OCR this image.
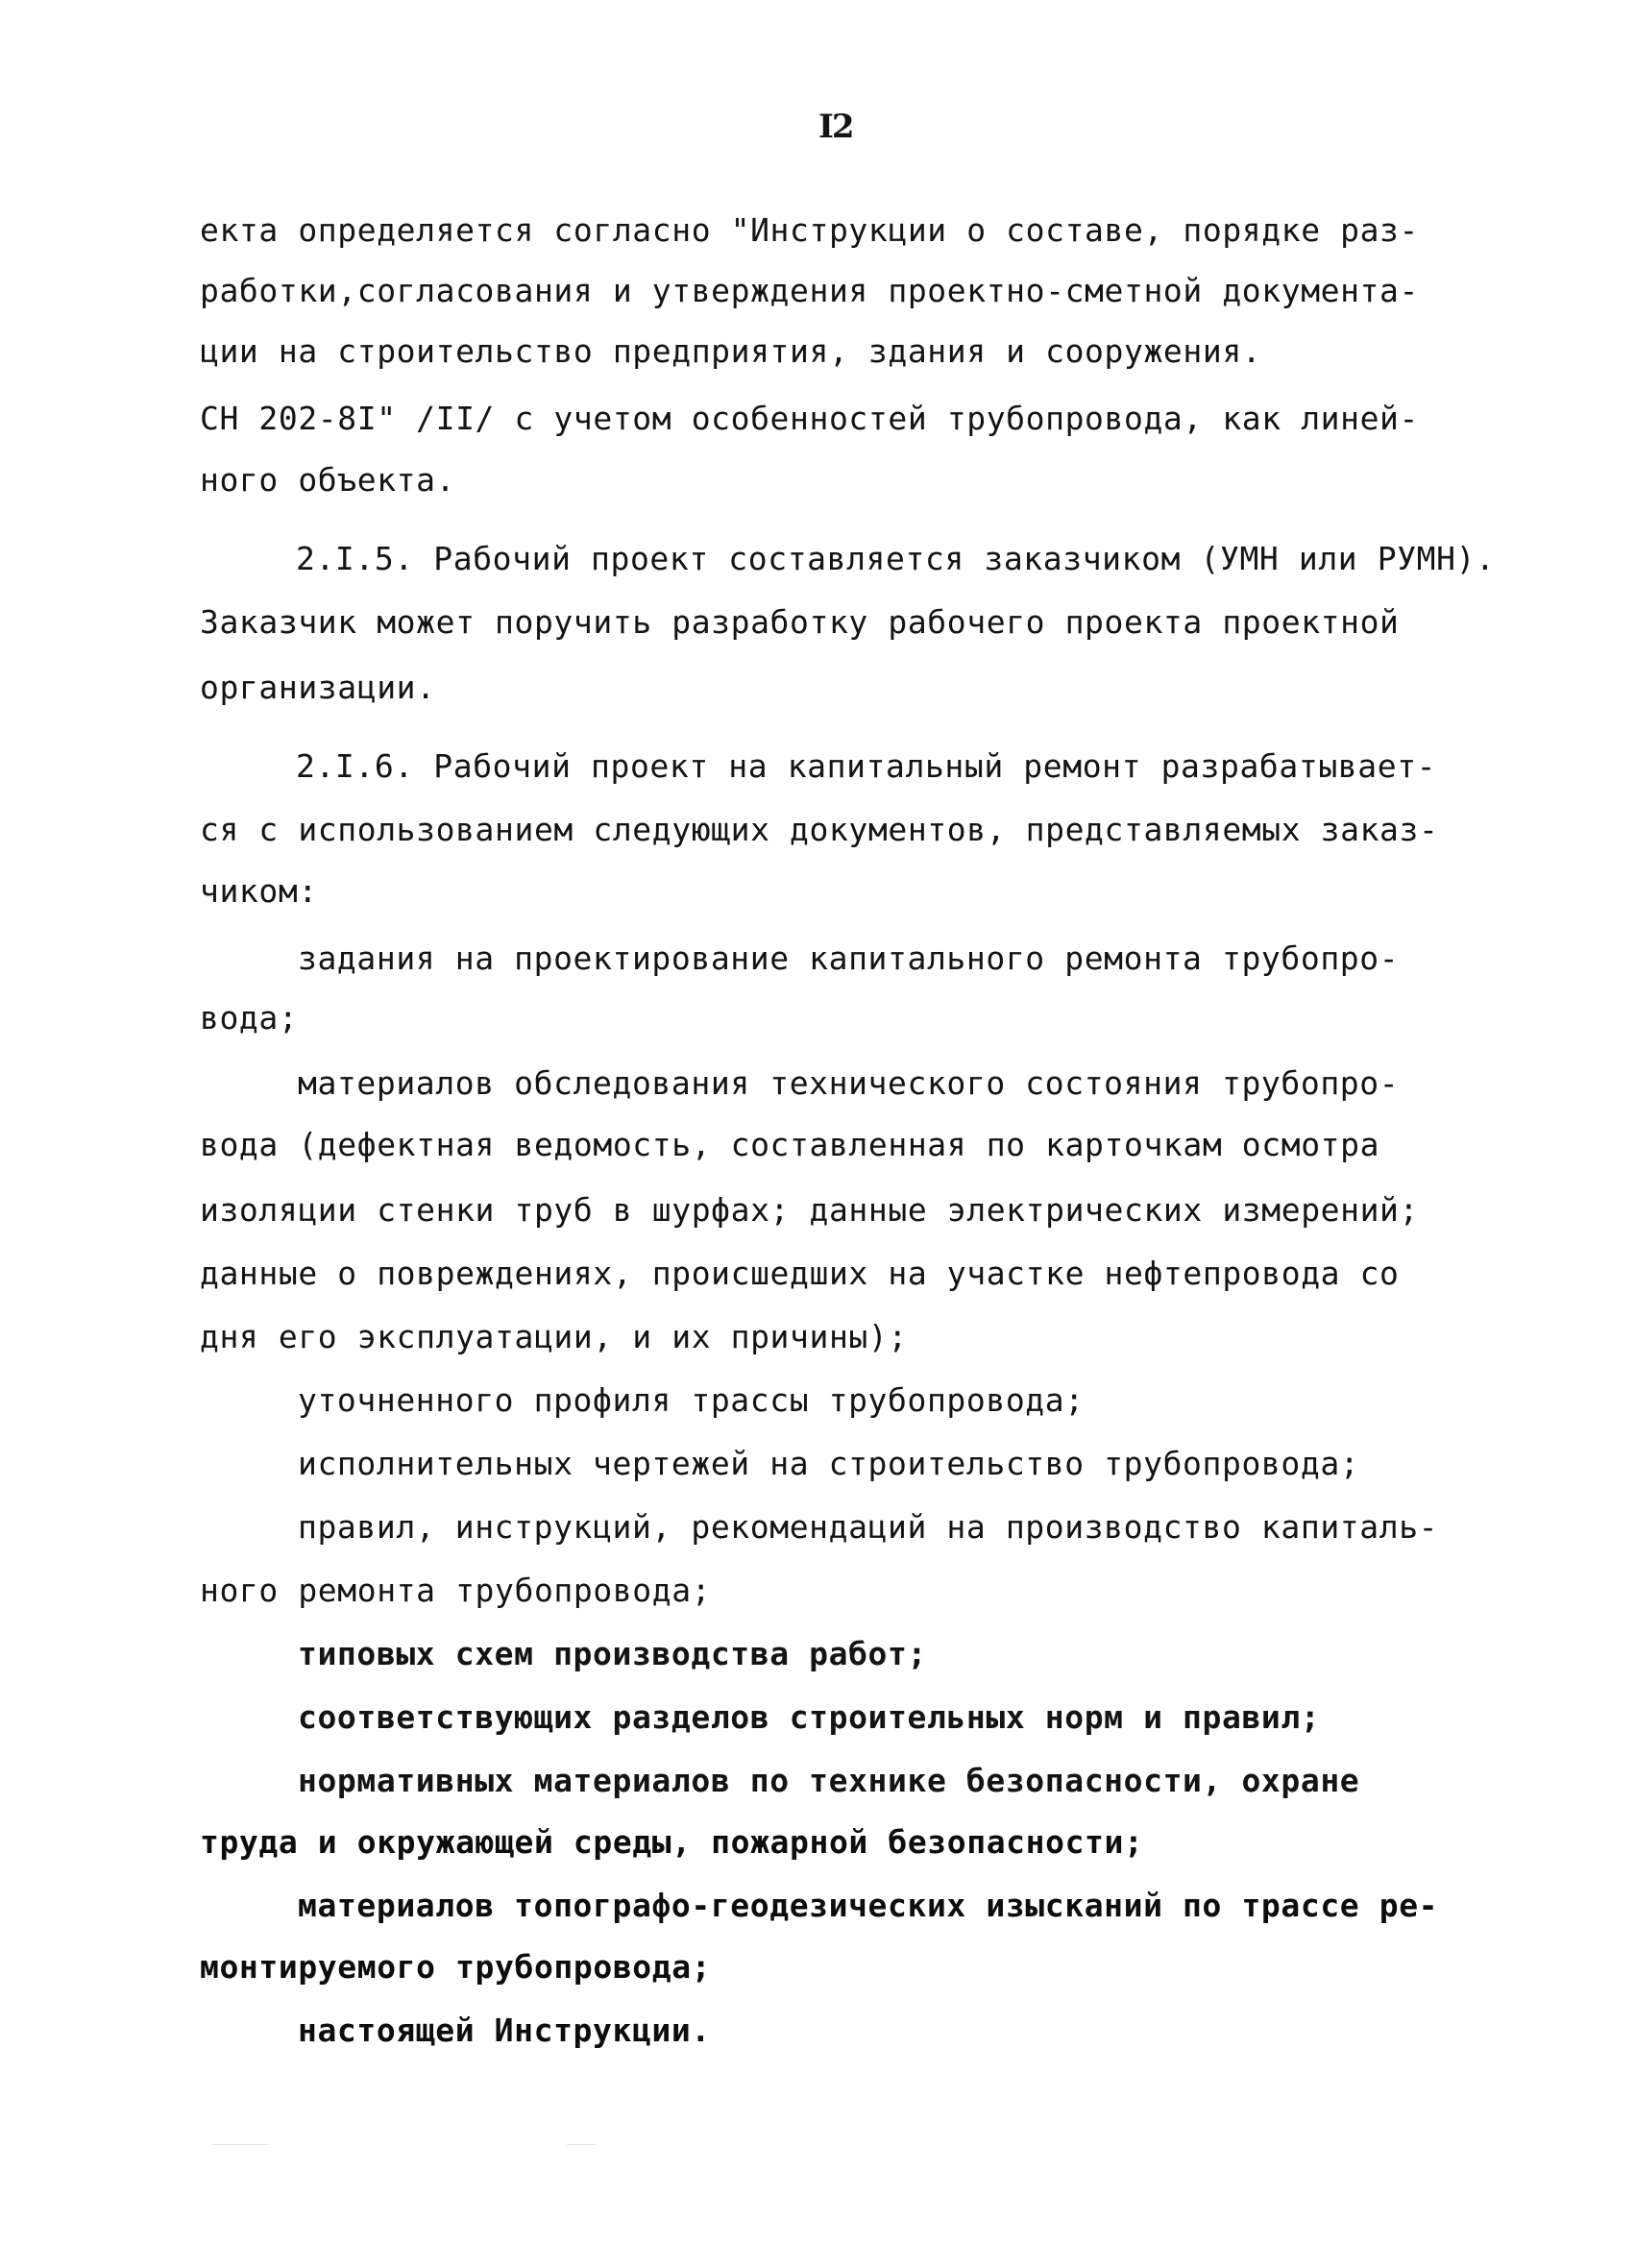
I2
екта определяется согласно "Инструкции о составе, порядке раз-
работки,согласования и утверждения проектно-сметной документа-
ции на строительство предприятия, здания и сооружения.
СН 202-8I" /II/ с учетом особенностей трубопровода, как линей-
ного объекта.
2.I.5. Рабочий проект составляется заказчиком (УМН или РУМН).
Заказчик может поручить разработку рабочего проекта проектной
организации.
2.I.6. Рабочий проект на капитальный ремонт разрабатывает-
ся с использованием следующих документов, представляемых заказ-
чиком:
задания на проектирование капитального ремонта трубопро-
вода;
материалов обследования технического состояния трубопро-
вода (дефектная ведомость, составленная по карточкам осмотра
изоляции стенки труб в шурфах; данные электрических измерений;
данные о повреждениях, происшедших на участке нефтепровода со
дня его эксплуатации, и их причины);
уточненного профиля трассы трубопровода;
исполнительных чертежей на строительство трубопровода;
правил, инструкций, рекомендаций на производство капиталь-
ного ремонта трубопровода;
типовых схем производства работ;
соответствующих разделов строительных норм и правил;
нормативных материалов по технике безопасности, охране
труда и окружающей среды, пожарной безопасности;
материалов топографо-геодезических изысканий по трассе ре-
монтируемого трубопровода;
настоящей Инструкции.
